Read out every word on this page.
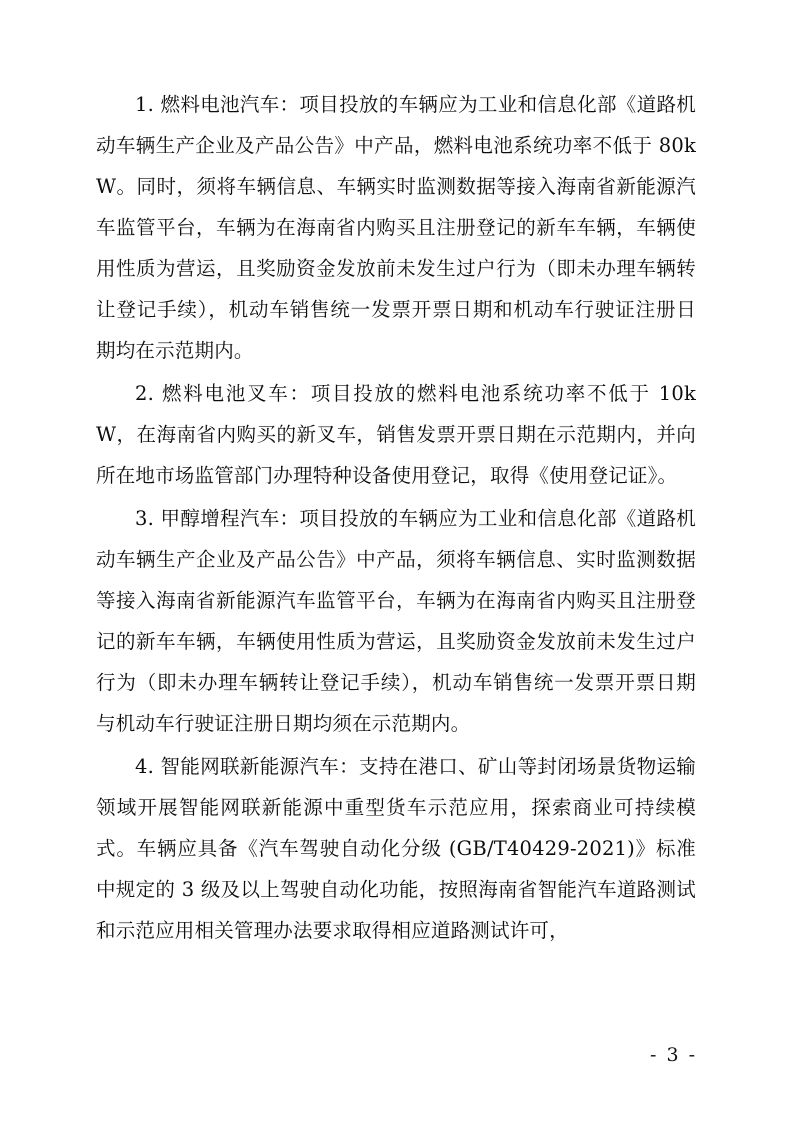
1. 燃料电池汽车：项目投放的车辆应为工业和信息化部《道路机动车辆生产企业及产品公告》中产品，燃料电池系统功率不低于 80kW。同时，须将车辆信息、车辆实时监测数据等接入海南省新能源汽车监管平台，车辆为在海南省内购买且注册登记的新车车辆，车辆使用性质为营运，且奖励资金发放前未发生过户行为（即未办理车辆转让登记手续），机动车销售统一发票开票日期和机动车行驶证注册日期均在示范期内。

2. 燃料电池叉车：项目投放的燃料电池系统功率不低于 10kW，在海南省内购买的新叉车，销售发票开票日期在示范期内，并向所在地市场监管部门办理特种设备使用登记，取得《使用登记证》。

3. 甲醇增程汽车：项目投放的车辆应为工业和信息化部《道路机动车辆生产企业及产品公告》中产品，须将车辆信息、实时监测数据等接入海南省新能源汽车监管平台，车辆为在海南省内购买且注册登记的新车车辆，车辆使用性质为营运，且奖励资金发放前未发生过户行为（即未办理车辆转让登记手续），机动车销售统一发票开票日期与机动车行驶证注册日期均须在示范期内。

4. 智能网联新能源汽车：支持在港口、矿山等封闭场景货物运输领域开展智能网联新能源中重型货车示范应用，探索商业可持续模式。车辆应具备《汽车驾驶自动化分级 (GB/T40429-2021)》标准中规定的 3 级及以上驾驶自动化功能，按照海南省智能汽车道路测试和示范应用相关管理办法要求取得相应道路测试许可，

- 3 -
